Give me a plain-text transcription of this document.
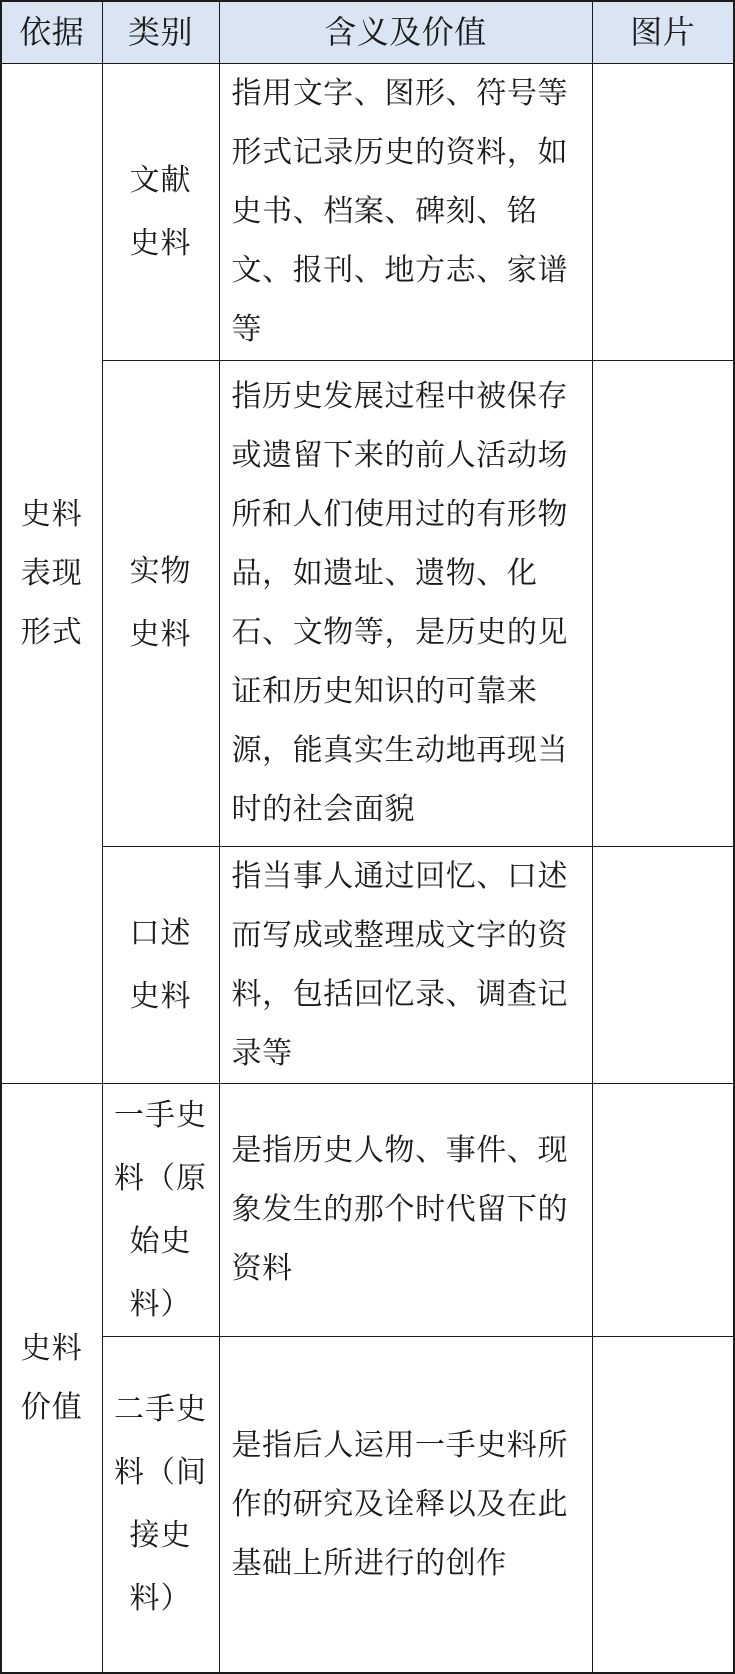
依据	类别	含义及价值	图片
史料表现形式	文献史料	指用文字、图形、符号等形式记录历史的资料，如史书、档案、碑刻、铭文、报刊、地方志、家谱等	

	实物史料	指历史发展过程中被保存或遗留下来的前人活动场所和人们使用过的有形物品，如遗址、遗物、化石、文物等，是历史的见证和历史知识的可靠来源，能真实生动地再现当时的社会面貌	

	口述史料	指当事人通过回忆、口述而写成或整理成文字的资料，包括回忆录、调查记录等	

史料价值	一手史料（原始史料）	是指历史人物、事件、现象发生的那个时代留下的资料	

	二手史料（间接史料）	是指后人运用一手史料所作的研究及诠释以及在此基础上所进行的创作	
